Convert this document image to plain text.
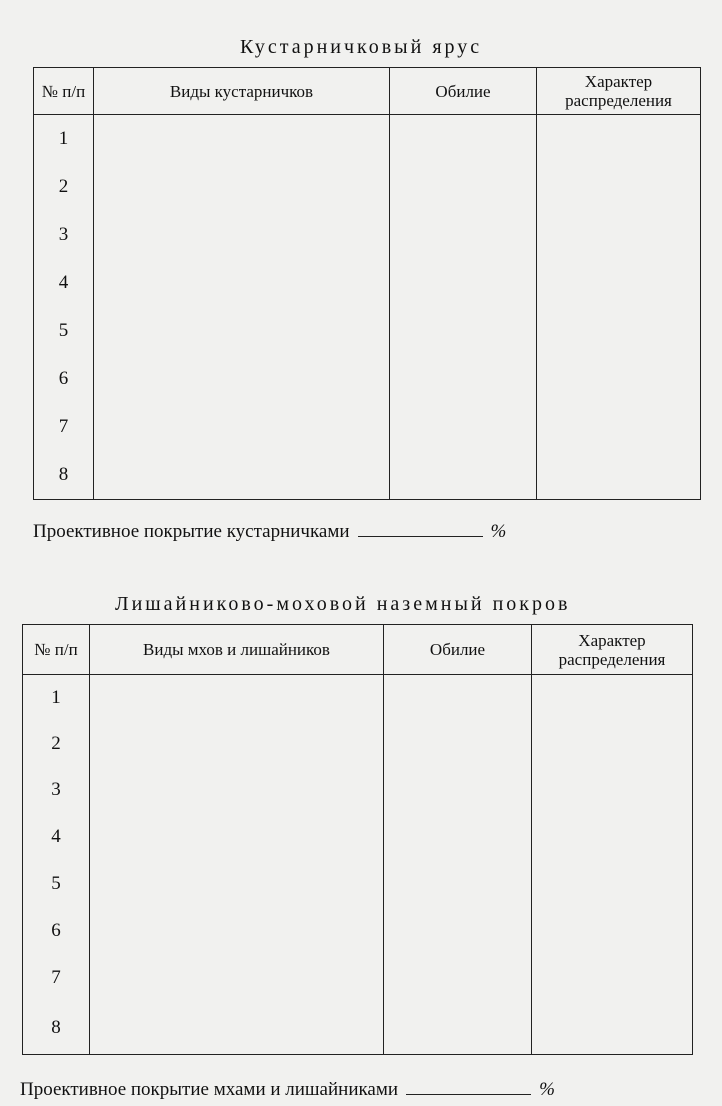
Кустарничковый ярус
№ п/п	Виды кустарничков	Обилие	Характер распределения
1			
2			
3			
4			
5			
6			
7			
8			
Проективное покрытие кустарничками	%
Лишайниково-моховой наземный покров
№ п/п	Виды мхов и лишайников	Обилие	Характер распределения
1			
2			
3			
4			
5			
6			
7			
8			
Проективное покрытие мхами и лишайниками	%
